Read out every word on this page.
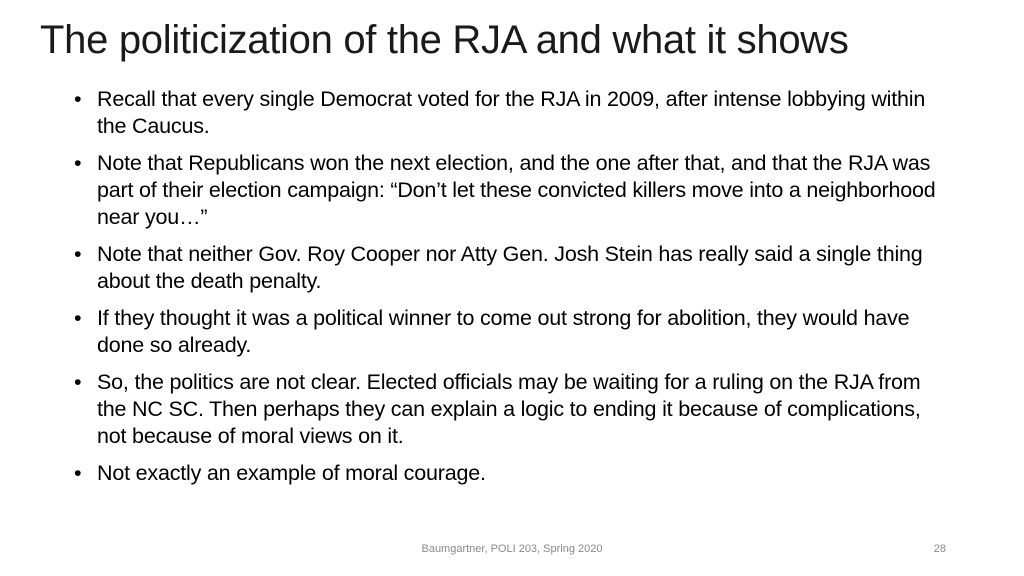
The politicization of the RJA and what it shows
• Recall that every single Democrat voted for the RJA in 2009, after intense lobbying within the Caucus.
• Note that Republicans won the next election, and the one after that, and that the RJA was part of their election campaign: “Don’t let these convicted killers move into a neighborhood near you…”
• Note that neither Gov. Roy Cooper nor Atty Gen. Josh Stein has really said a single thing about the death penalty.
• If they thought it was a political winner to come out strong for abolition, they would have done so already.
• So, the politics are not clear. Elected officials may be waiting for a ruling on the RJA from the NC SC. Then perhaps they can explain a logic to ending it because of complications, not because of moral views on it.
• Not exactly an example of moral courage.
Baumgartner, POLI 203, Spring 2020	28
